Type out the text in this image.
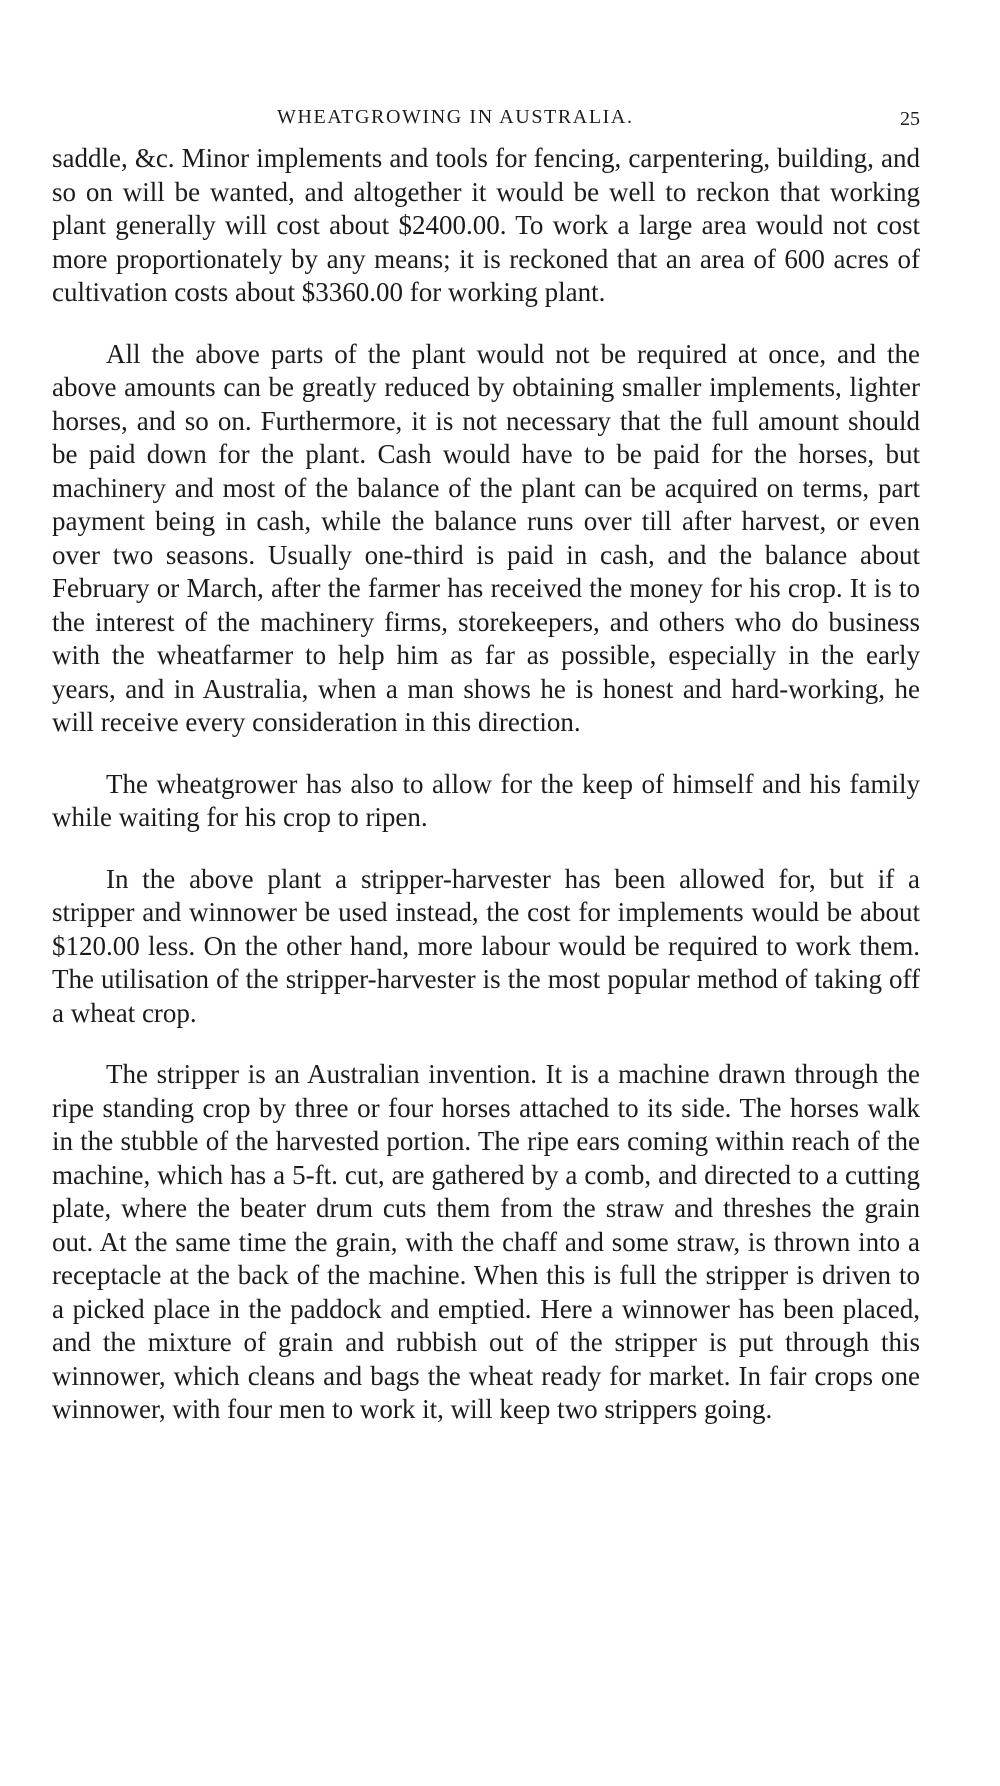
WHEATGROWING IN AUSTRALIA.	25

saddle, &c. Minor implements and tools for fencing, carpentering, building, and so on will be wanted, and altogether it would be well to reckon that working plant generally will cost about $2400.00. To work a large area would not cost more proportionately by any means; it is reckoned that an area of 600 acres of cultivation costs about $3360.00 for working plant.

All the above parts of the plant would not be required at once, and the above amounts can be greatly reduced by obtaining smaller implements, lighter horses, and so on. Furthermore, it is not necessary that the full amount should be paid down for the plant. Cash would have to be paid for the horses, but machinery and most of the balance of the plant can be acquired on terms, part payment being in cash, while the balance runs over till after harvest, or even over two seasons. Usually one-third is paid in cash, and the balance about February or March, after the farmer has received the money for his crop. It is to the interest of the machinery firms, storekeepers, and others who do business with the wheatfarmer to help him as far as possible, especially in the early years, and in Australia, when a man shows he is honest and hard-working, he will receive every consideration in this direction.

The wheatgrower has also to allow for the keep of himself and his family while waiting for his crop to ripen.

In the above plant a stripper-harvester has been allowed for, but if a stripper and winnower be used instead, the cost for implements would be about $120.00 less. On the other hand, more labour would be required to work them. The utilisation of the stripper-harvester is the most popular method of taking off a wheat crop.

The stripper is an Australian invention. It is a machine drawn through the ripe standing crop by three or four horses attached to its side. The horses walk in the stubble of the harvested portion. The ripe ears coming within reach of the machine, which has a 5-ft. cut, are gathered by a comb, and directed to a cutting plate, where the beater drum cuts them from the straw and threshes the grain out. At the same time the grain, with the chaff and some straw, is thrown into a receptacle at the back of the machine. When this is full the stripper is driven to a picked place in the paddock and emptied. Here a winnower has been placed, and the mixture of grain and rubbish out of the stripper is put through this winnower, which cleans and bags the wheat ready for market. In fair crops one winnower, with four men to work it, will keep two strippers going.
